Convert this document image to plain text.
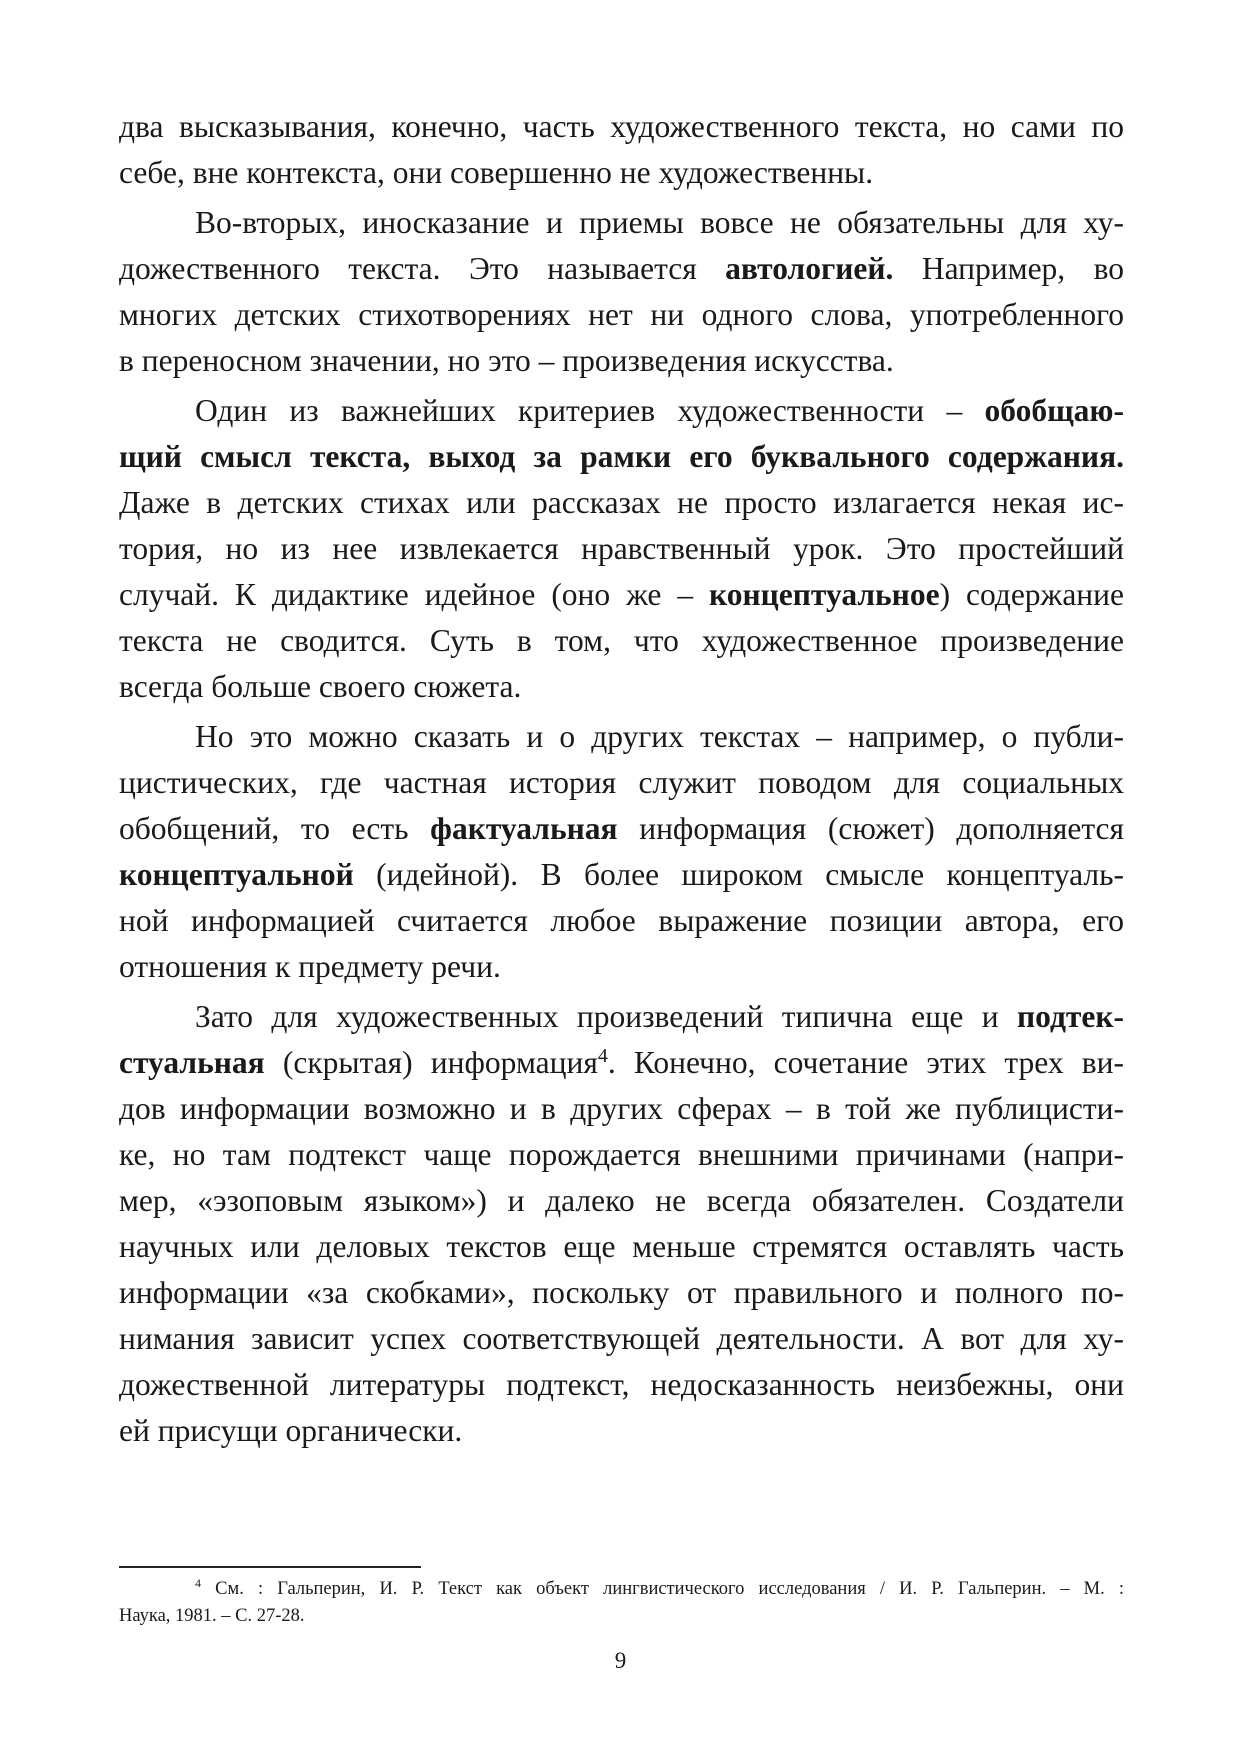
два высказывания, конечно, часть художественного текста, но сами по
себе, вне контекста, они совершенно не художественны.
Во-вторых, иносказание и приемы вовсе не обязательны для ху-
дожественного текста. Это называется автологией. Например, во
многих детских стихотворениях нет ни одного слова, употребленного
в переносном значении, но это – произведения искусства.
Один из важнейших критериев художественности – обобщаю-
щий смысл текста, выход за рамки его буквального содержания.
Даже в детских стихах или рассказах не просто излагается некая ис-
тория, но из нее извлекается нравственный урок. Это простейший
случай. К дидактике идейное (оно же – концептуальное) содержание
текста не сводится. Суть в том, что художественное произведение
всегда больше своего сюжета.
Но это можно сказать и о других текстах – например, о публи-
цистических, где частная история служит поводом для социальных
обобщений, то есть фактуальная информация (сюжет) дополняется
концептуальной (идейной). В более широком смысле концептуаль-
ной информацией считается любое выражение позиции автора, его
отношения к предмету речи.
Зато для художественных произведений типична еще и подтек-
стуальная (скрытая) информация$^4$. Конечно, сочетание этих трех ви-
дов информации возможно и в других сферах – в той же публицисти-
ке, но там подтекст чаще порождается внешними причинами (напри-
мер, «эзоповым языком») и далеко не всегда обязателен. Создатели
научных или деловых текстов еще меньше стремятся оставлять часть
информации «за скобками», поскольку от правильного и полного по-
нимания зависит успех соответствующей деятельности. А вот для ху-
дожественной литературы подтекст, недосказанность неизбежны, они
ей присущи органически.
$^4$ См. : Гальперин, И. Р. Текст как объект лингвистического исследования / И. Р. Гальперин. – М. :
Наука, 1981. – С. 27-28.
9
